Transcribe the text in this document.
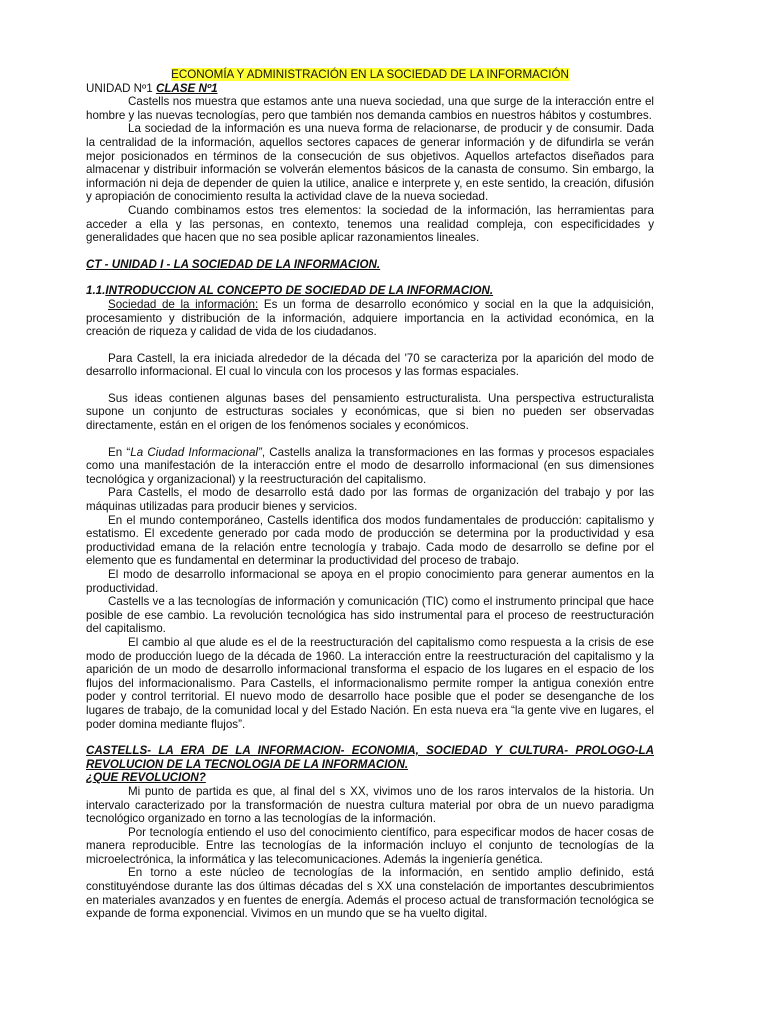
ECONOMÍA Y ADMINISTRACIÓN EN LA SOCIEDAD DE LA INFORMACIÓN

UNIDAD Nº1 CLASE Nº1

Castells nos muestra que estamos ante una nueva sociedad, una que surge de la interacción entre el hombre y las nuevas tecnologías, pero que también nos demanda cambios en nuestros hábitos y costumbres.

La sociedad de la información es una nueva forma de relacionarse, de producir y de consumir. Dada la centralidad de la información, aquellos sectores capaces de generar información y de difundirla se verán mejor posicionados en términos de la consecución de sus objetivos. Aquellos artefactos diseñados para almacenar y distribuir información se volverán elementos básicos de la canasta de consumo. Sin embargo, la información ni deja de depender de quien la utilice, analice e interprete y, en este sentido, la creación, difusión y apropiación de conocimiento resulta la actividad clave de la nueva sociedad.

Cuando combinamos estos tres elementos: la sociedad de la información, las herramientas para acceder a ella y las personas, en contexto, tenemos una realidad compleja, con especificidades y generalidades que hacen que no sea posible aplicar razonamientos lineales.

CT - UNIDAD I - LA SOCIEDAD DE LA INFORMACION.

1.1.INTRODUCCION AL CONCEPTO DE SOCIEDAD DE LA INFORMACION.

Sociedad de la información: Es un forma de desarrollo económico y social en la que la adquisición, procesamiento y distribución de la información, adquiere importancia en la actividad económica, en la creación de riqueza y calidad de vida de los ciudadanos.

Para Castell, la era iniciada alrededor de la década del '70 se caracteriza por la aparición del modo de desarrollo informacional. El cual lo vincula con los procesos y las formas espaciales.

Sus ideas contienen algunas bases del pensamiento estructuralista. Una perspectiva estructuralista supone un conjunto de estructuras sociales y económicas, que si bien no pueden ser observadas directamente, están en el origen de los fenómenos sociales y económicos.

En “La Ciudad Informacional”, Castells analiza la transformaciones en las formas y procesos espaciales como una manifestación de la interacción entre el modo de desarrollo informacional (en sus dimensiones tecnológica y organizacional) y la reestructuración del capitalismo.

Para Castells, el modo de desarrollo está dado por las formas de organización del trabajo y por las máquinas utilizadas para producir bienes y servicios.

En el mundo contemporáneo, Castells identifica dos modos fundamentales de producción: capitalismo y estatismo. El excedente generado por cada modo de producción se determina por la productividad y esa productividad emana de la relación entre tecnología y trabajo. Cada modo de desarrollo se define por el elemento que es fundamental en determinar la productividad del proceso de trabajo.

El modo de desarrollo informacional se apoya en el propio conocimiento para generar aumentos en la productividad.

Castells ve a las tecnologías de información y comunicación (TIC) como el instrumento principal que hace posible de ese cambio. La revolución tecnológica has sido instrumental para el proceso de reestructuración del capitalismo.

El cambio al que alude es el de la reestructuración del capitalismo como respuesta a la crisis de ese modo de producción luego de la década de 1960. La interacción entre la reestructuración del capitalismo y la aparición de un modo de desarrollo informacional transforma el espacio de los lugares en el espacio de los flujos del informacionalismo. Para Castells, el informacionalismo permite romper la antigua conexión entre poder y control territorial. El nuevo modo de desarrollo hace posible que el poder se desenganche de los lugares de trabajo, de la comunidad local y del Estado Nación. En esta nueva era “la gente vive en lugares, el poder domina mediante flujos”.

CASTELLS- LA ERA DE LA INFORMACION- ECONOMIA, SOCIEDAD Y CULTURA- PROLOGO-LA REVOLUCION DE LA TECNOLOGIA DE LA INFORMACION.

¿QUE REVOLUCION?

Mi punto de partida es que, al final del s XX, vivimos uno de los raros intervalos de la historia. Un intervalo caracterizado por la transformación de nuestra cultura material por obra de un nuevo paradigma tecnológico organizado en torno a las tecnologías de la información.

Por tecnología entiendo el uso del conocimiento científico, para especificar modos de hacer cosas de manera reproducible. Entre las tecnologías de la información incluyo el conjunto de tecnologías de la microelectrónica, la informática y las telecomunicaciones. Además la ingeniería genética.

En torno a este núcleo de tecnologías de la información, en sentido amplio definido, está constituyéndose durante las dos últimas décadas del s XX una constelación de importantes descubrimientos en materiales avanzados y en fuentes de energía. Además el proceso actual de transformación tecnológica se expande de forma exponencial. Vivimos en un mundo que se ha vuelto digital.
